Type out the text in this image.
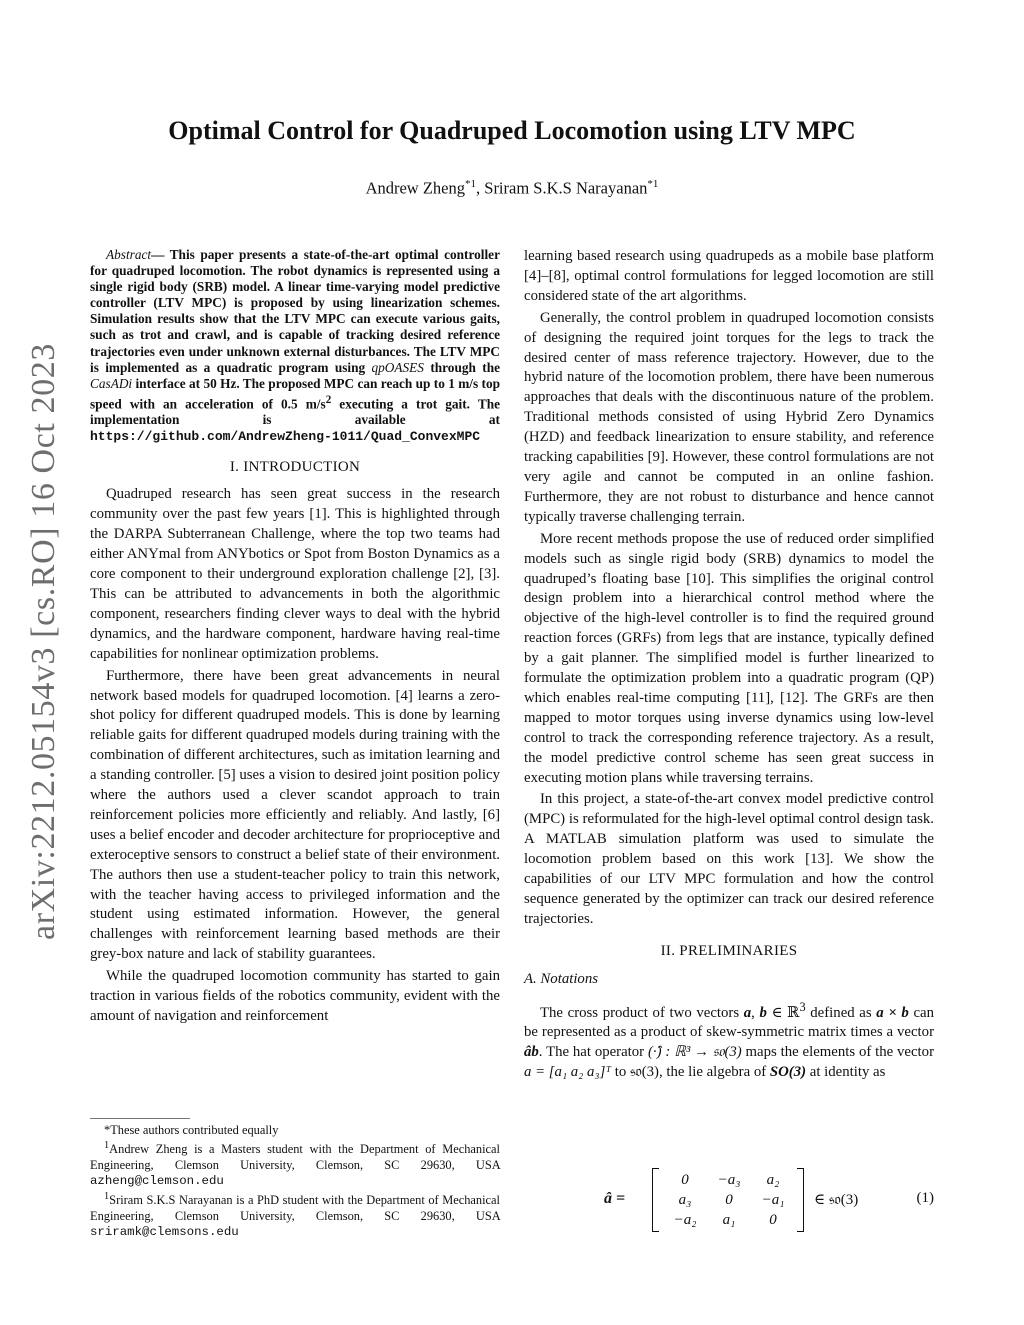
arXiv:2212.05154v3 [cs.RO] 16 Oct 2023
Optimal Control for Quadruped Locomotion using LTV MPC

Andrew Zheng$^{*1}$, Sriram S.K.S Narayanan$^{*1}$

Abstract— This paper presents a state-of-the-art optimal controller for quadruped locomotion. The robot dynamics is represented using a single rigid body (SRB) model. A linear time-varying model predictive controller (LTV MPC) is proposed by using linearization schemes. Simulation results show that the LTV MPC can execute various gaits, such as trot and crawl, and is capable of tracking desired reference trajectories even under unknown external disturbances. The LTV MPC is implemented as a quadratic program using qpOASES through the CasADi interface at 50 Hz. The proposed MPC can reach up to 1 m/s top speed with an acceleration of 0.5 $m/s^2$ executing a trot gait. The implementation is available at https://github.com/AndrewZheng-1011/Quad_ConvexMPC

I. INTRODUCTION

Quadruped research has seen great success in the research community over the past few years [1]. This is highlighted through the DARPA Subterranean Challenge, where the top two teams had either ANYmal from ANYbotics or Spot from Boston Dynamics as a core component to their underground exploration challenge [2], [3]. This can be attributed to advancements in both the algorithmic component, researchers finding clever ways to deal with the hybrid dynamics, and the hardware component, hardware having real-time capabilities for nonlinear optimization problems.

Furthermore, there have been great advancements in neural network based models for quadruped locomotion. [4] learns a zero-shot policy for different quadruped models. This is done by learning reliable gaits for different quadruped models during training with the combination of different architectures, such as imitation learning and a standing controller. [5] uses a vision to desired joint position policy where the authors used a clever scandot approach to train reinforcement policies more efficiently and reliably. And lastly, [6] uses a belief encoder and decoder architecture for proprioceptive and exteroceptive sensors to construct a belief state of their environment. The authors then use a student-teacher policy to train this network, with the teacher having access to privileged information and the student using estimated information. However, the general challenges with reinforcement learning based methods are their grey-box nature and lack of stability guarantees.

While the quadruped locomotion community has started to gain traction in various fields of the robotics community, evident with the amount of navigation and reinforcement

*These authors contributed equally

$^1$Andrew Zheng is a Masters student with the Department of Mechanical Engineering, Clemson University, Clemson, SC 29630, USA azheng@clemson.edu

$^1$Sriram S.K.S Narayanan is a PhD student with the Department of Mechanical Engineering, Clemson University, Clemson, SC 29630, USA sriramk@clemsons.edu

learning based research using quadrupeds as a mobile base platform [4]–[8], optimal control formulations for legged locomotion are still considered state of the art algorithms.

Generally, the control problem in quadruped locomotion consists of designing the required joint torques for the legs to track the desired center of mass reference trajectory. However, due to the hybrid nature of the locomotion problem, there have been numerous approaches that deals with the discontinuous nature of the problem. Traditional methods consisted of using Hybrid Zero Dynamics (HZD) and feedback linearization to ensure stability, and reference tracking capabilities [9]. However, these control formulations are not very agile and cannot be computed in an online fashion. Furthermore, they are not robust to disturbance and hence cannot typically traverse challenging terrain.

More recent methods propose the use of reduced order simplified models such as single rigid body (SRB) dynamics to model the quadruped’s floating base [10]. This simplifies the original control design problem into a hierarchical control method where the objective of the high-level controller is to find the required ground reaction forces (GRFs) from legs that are instance, typically defined by a gait planner. The simplified model is further linearized to formulate the optimization problem into a quadratic program (QP) which enables real-time computing [11], [12]. The GRFs are then mapped to motor torques using inverse dynamics using low-level control to track the corresponding reference trajectory. As a result, the model predictive control scheme has seen great success in executing motion plans while traversing terrains.

In this project, a state-of-the-art convex model predictive control (MPC) is reformulated for the high-level optimal control design task. A MATLAB simulation platform was used to simulate the locomotion problem based on this work [13]. We show the capabilities of our LTV MPC formulation and how the control sequence generated by the optimizer can track our desired reference trajectories.

II. PRELIMINARIES
A. Notations

The cross product of two vectors a, b ∈ ℝ$^3$ defined as a × b can be represented as a product of skew-symmetric matrix times a vector âb. The hat operator (·̂) : ℝ³ → 𝔰𝔬(3) maps the elements of the vector a = [a₁ a₂ a₃]ᵀ to 𝔰𝔬(3), the lie algebra of SO(3) at identity as

â =
0	−a₃	a₂
a₃	0	−a₁
−a₂	a₁	0
∈ 𝔰𝔬(3)	(1)
